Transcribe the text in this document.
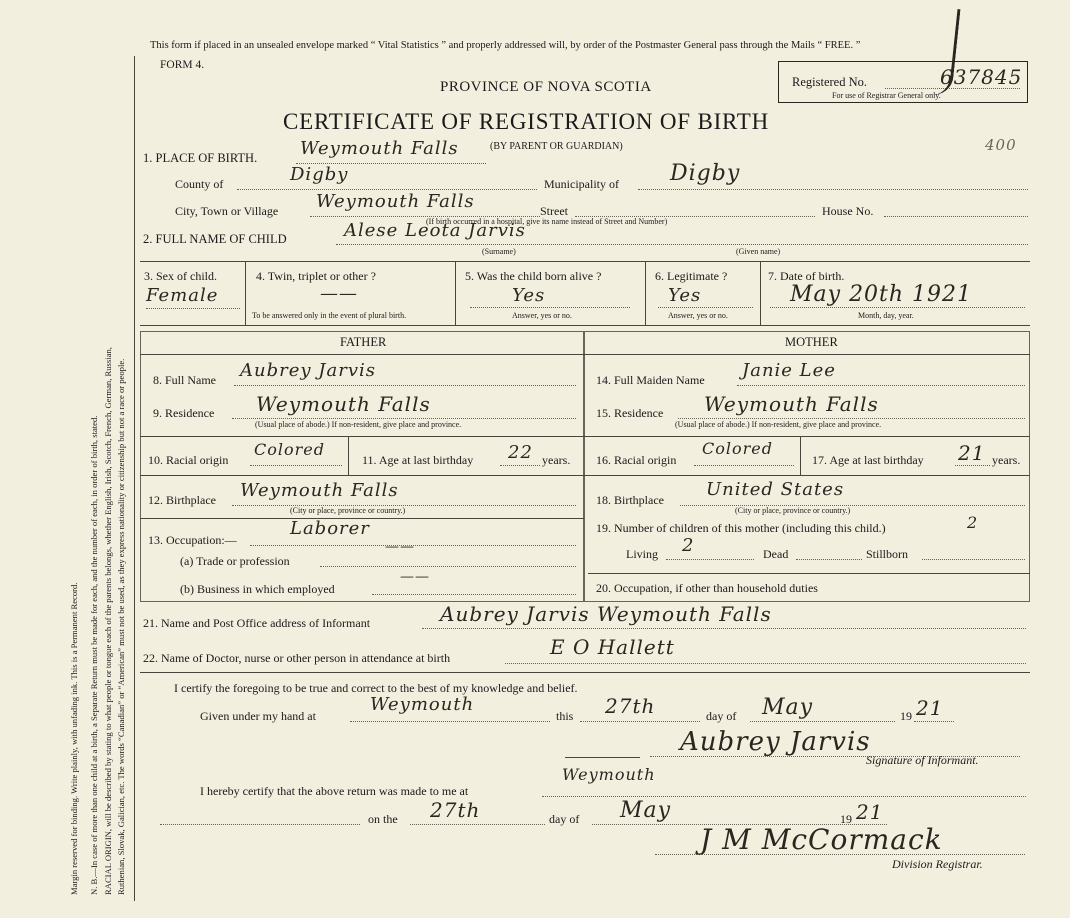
Margin reserved for binding. Write plainly, with unfading ink. This is a Permanent Record. N. B.—In case of more than one child at a birth, a Separate Return must be made for each, and the number of each, in order of birth, stated. RACIAL ORIGIN, will be described by stating to what people or tongue each of the parents belongs, whether English, Irish, Scotch, French, German, Russian, Ruthenian, Slovak, Galician, etc. The words “Canadian” or “American” must not be used, as they express nationality or citizenship but not a race or people.
This form if placed in an unsealed envelope marked “ Vital Statistics ” and properly addressed will, by order of the Postmaster General pass through the Mails “ FREE. ”
FORM 4.
PROVINCE OF NOVA SCOTIA
CERTIFICATE OF REGISTRATION OF BIRTH
Registered No.	637845
For use of Registrar General only.
400
1. PLACE OF BIRTH. Weymouth Falls	(BY PARENT OR GUARDIAN)
County of	Digby	Municipality of Digby
City, Town or Village Weymouth Falls	Street	House No.
(If birth occurred in a hospital, give its name instead of Street and Number)
2. FULL NAME OF CHILD	Alese Leota Jarvis
(Surname)	(Given name)
3. Sex of child.
Female
4. Twin, triplet or other ?
——
To be answered only in the event of plural birth.
5. Was the child born alive ?
Yes
Answer, yes or no.
6. Legitimate ?
Yes
Answer, yes or no.
7. Date of birth.
May 20th 1921
Month, day, year.
FATHER	MOTHER
8. Full Name Aubrey Jarvis
9. Residence Weymouth Falls
(Usual place of abode.) If non-resident, give place and province.
10. Racial origin
Colored
11. Age at last birthday 22 years.
12. Birthplace Weymouth Falls
(City or place, province or country.)
13. Occupation:—
Laborer
(a) Trade or profession
——
(b) Business in which employed
——
14. Full Maiden Name Janie Lee
15. Residence Weymouth Falls
(Usual place of abode.) If non-resident, give place and province.
16. Racial origin
Colored
17. Age at last birthday 21 years.
18. Birthplace United States
(City or place, province or country.)
19. Number of children of this mother (including this child.)	2
Living 2	Dead	Stillborn
20. Occupation, if other than household duties
21. Name and Post Office address of Informant	Aubrey Jarvis Weymouth Falls
22. Name of Doctor, nurse or other person in attendance at birth	E O Hallett
I certify the foregoing to be true and correct to the best of my knowledge and belief.
Given under my hand at
Weymouth
this 27th	day of May	19 21
Aubrey Jarvis
Signature of Informant.
I hereby certify that the above return was made to me at
Weymouth
on the 27th	day of May	19 21
J M McCormack
Division Registrar.
